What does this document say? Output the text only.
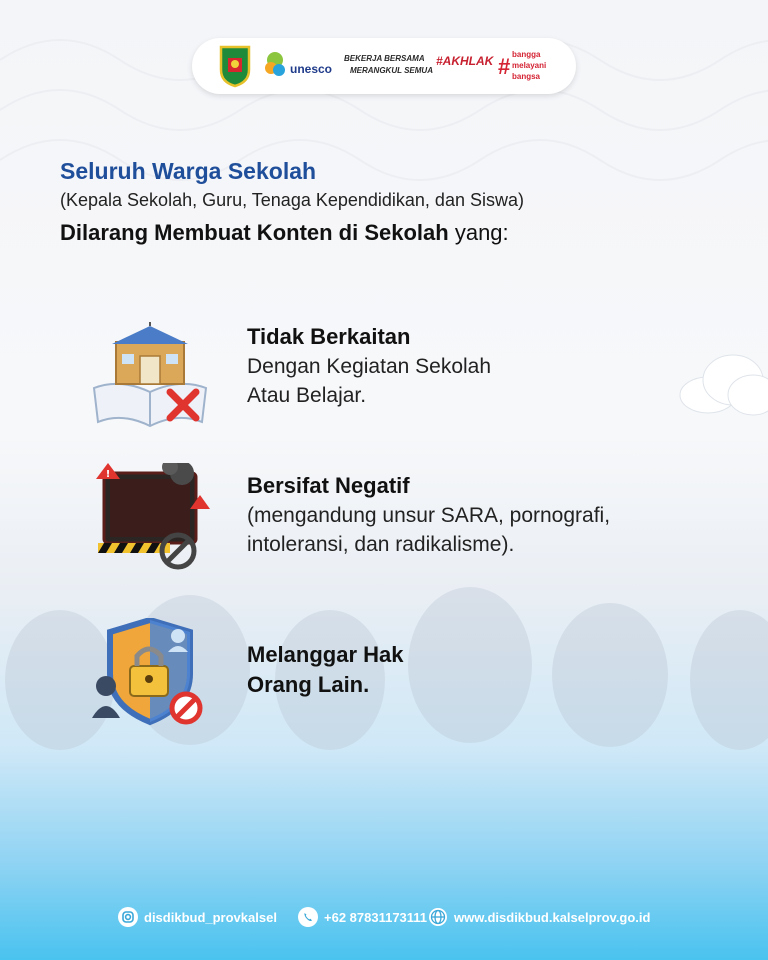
unesco
BEKERJA BERSAMA
MERANGKUL SEMUA
#AKHLAK # bangga
melayani
bangsa
Seluruh Warga Sekolah
(Kepala Sekolah, Guru, Tenaga Kependidikan, dan Siswa)
Dilarang Membuat Konten di Sekolah yang:
Tidak Berkaitan
Dengan Kegiatan Sekolah
Atau Belajar.
!	Bersifat Negatif
(mengandung unsur SARA, pornografi,
intoleransi, dan radikalisme).
Melanggar Hak
Orang Lain.
disdikbud_provkalsel	+62 87831173111 www.disdikbud.kalselprov.go.id
